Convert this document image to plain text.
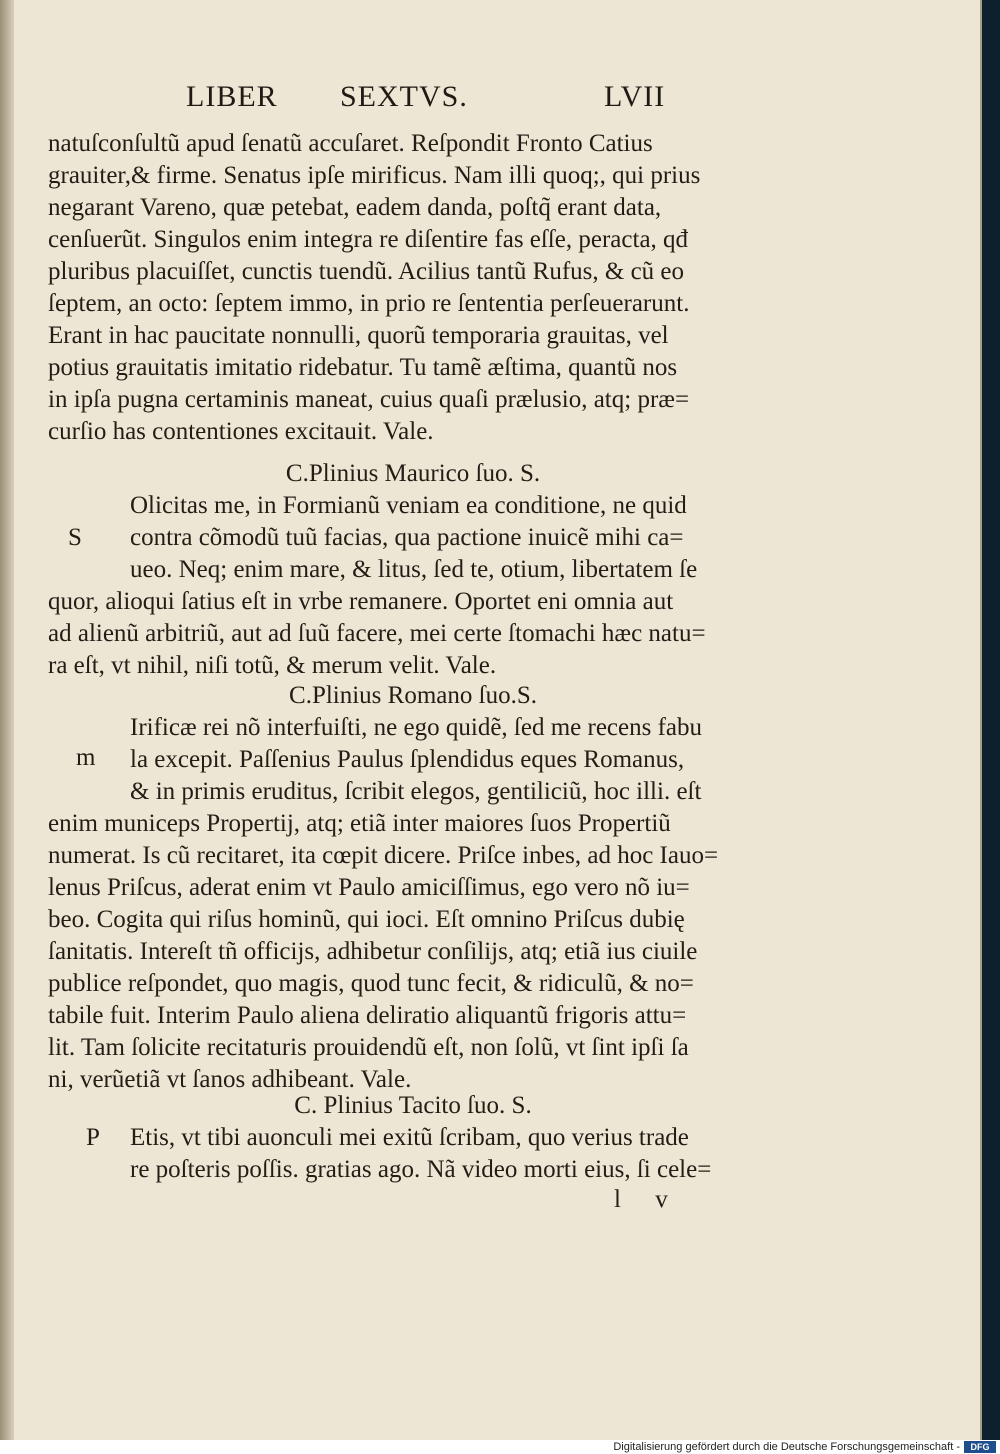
LIBER SEXTVS.	LVII
natuſconſultũ apud ſenatũ accuſaret. Reſpondit Fronto Catius
grauiter,& firme. Senatus ipſe mirificus. Nam illi quoq;, qui prius
negarant Vareno, quæ petebat, eadem danda, poſtq̃ erant data,
cenſuerũt. Singulos enim integra re diſentire fas eſſe, peracta, qđ
pluribus placuiſſet, cunctis tuendũ. Acilius tantũ Rufus, & cũ eo
ſeptem, an octo: ſeptem immo, in prio re ſententia perſeuerarunt.
Erant in hac paucitate nonnulli, quorũ temporaria grauitas, vel
potius grauitatis imitatio ridebatur. Tu tamẽ æſtima, quantũ nos
in ipſa pugna certaminis maneat, cuius quaſi prælusio, atq; præ=
curſio has contentiones excitauit. Vale.
C.Plinius Maurico ſuo. S.
Olicitas me, in Formianũ veniam ea conditione, ne quid
contra cõmodũ tuũ facias, qua pactione inuicẽ mihi ca=
ueo. Neq; enim mare, & litus, ſed te, otium, libertatem ſe
quor, alioqui ſatius eſt in vrbe remanere. Oportet eni omnia aut
ad alienũ arbitriũ, aut ad ſuũ facere, mei certe ſtomachi hæc natu=
ra eſt, vt nihil, niſi totũ, & merum velit. Vale.
S
C.Plinius Romano ſuo.S.
Irificæ rei nõ interfuiſti, ne ego quidẽ, ſed me recens fabu
la excepit. Paſſenius Paulus ſplendidus eques Romanus,
& in primis eruditus, ſcribit elegos, gentiliciũ, hoc illi. eſt
enim municeps Propertij, atq; etiã inter maiores ſuos Propertiũ
numerat. Is cũ recitaret, ita cœpit dicere. Priſce inbes, ad hoc Iauo=
lenus Priſcus, aderat enim vt Paulo amiciſſimus, ego vero nõ iu=
beo. Cogita qui riſus hominũ, qui ioci. Eſt omnino Priſcus dubię
ſanitatis. Intereſt tñ officijs, adhibetur conſilijs, atq; etiã ius ciuile
publice reſpondet, quo magis, quod tunc fecit, & ridiculũ, & no=
tabile fuit. Interim Paulo aliena deliratio aliquantũ frigoris attu=
lit. Tam ſolicite recitaturis prouidendũ eſt, non ſolũ, vt ſint ipſi ſa
ni, verũetiã vt ſanos adhibeant. Vale.
m
C. Plinius Tacito ſuo. S.
Etis, vt tibi auonculi mei exitũ ſcribam, quo verius trade
re poſteris poſſis. gratias ago. Nã video morti eius, ſi cele=
P
l v
Digitalisierung gefördert durch die Deutsche Forschungsgemeinschaft -	DFG
